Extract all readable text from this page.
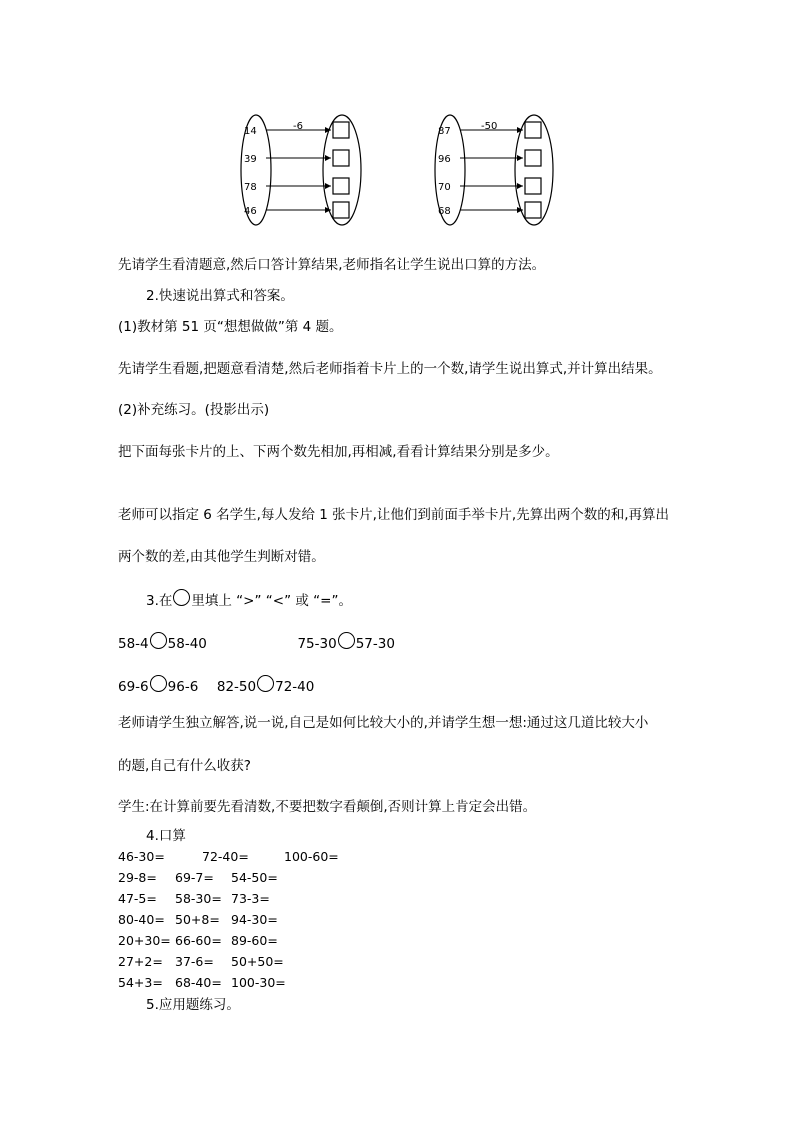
-6
14
39
78
46
-50
87
96
70
68
先请学生看清题意,然后口答计算结果,老师指名让学生说出口算的方法。
2.快速说出算式和答案。
(1)教材第 51 页“想想做做”第 4 题。
先请学生看题,把题意看清楚,然后老师指着卡片上的一个数,请学生说出算式,并计算出结果。
(2)补充练习。(投影出示)
把下面每张卡片的上、下两个数先相加,再相减,看看计算结果分别是多少。
老师可以指定 6 名学生,每人发给 1 张卡片,让他们到前面手举卡片,先算出两个数的和,再算出
两个数的差,由其他学生判断对错。
3.在 里填上 “>” “<” 或 “=”。
58-4 58-40	75-30 57-30
69-6 96-6 82-50 72-40
老师请学生独立解答,说一说,自己是如何比较大小的,并请学生想一想:通过这几道比较大小
的题,自己有什么收获?
学生:在计算前要先看清数,不要把数字看颠倒,否则计算上肯定会出错。
4.口算
46-30=	72-40=	100-60=
29-8= 69-7= 54-50=
47-5= 58-30= 73-3=
80-40= 50+8= 94-30=
20+30= 66-60= 89-60=
27+2= 37-6= 50+50=
54+3= 68-40= 100-30=
5.应用题练习。
